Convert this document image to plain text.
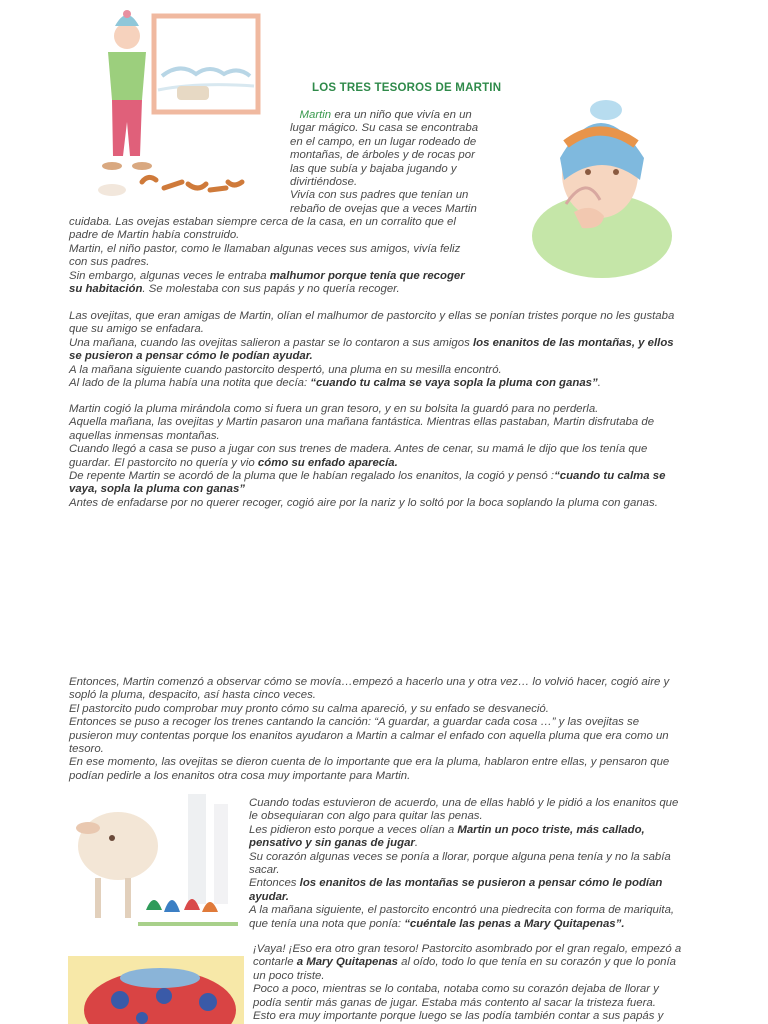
LOS TRES TESOROS DE MARTIN
Martin era un niño que vivía en un
lugar mágico. Su casa se encontraba
en el campo, en un lugar rodeado de
montañas, de árboles y de rocas por
las que subía y bajaba jugando y
divirtiéndose.
Vivía con sus padres que tenían un
rebaño de ovejas que a veces Martin
cuidaba. Las ovejas estaban siempre cerca de la casa, en un corralito que el
padre de Martin había construido.
Martin, el niño pastor, como le llamaban algunas veces sus amigos, vivía feliz
con sus padres.
Sin embargo, algunas veces le entraba malhumor porque tenía que recoger
su habitación. Se molestaba con sus papás y no quería recoger.
Las ovejitas, que eran amigas de Martin, olían el malhumor de pastorcito y ellas se ponían tristes porque no les gustaba
que su amigo se enfadara.
Una mañana, cuando las ovejitas salieron a pastar se lo contaron a sus amigos los enanitos de las montañas, y ellos
se pusieron a pensar cómo le podían ayudar.
A la mañana siguiente cuando pastorcito despertó, una pluma en su mesilla encontró.
Al lado de la pluma había una notita que decía: “cuando tu calma se vaya sopla la pluma con ganas”.
Martin cogió la pluma mirándola como si fuera un gran tesoro, y en su bolsita la guardó para no perderla.
Aquella mañana, las ovejitas y Martin pasaron una mañana fantástica. Mientras ellas pastaban, Martin disfrutaba de
aquellas inmensas montañas.
Cuando llegó a casa se puso a jugar con sus trenes de madera. Antes de cenar, su mamá le dijo que los tenía que
guardar. El pastorcito no quería y vio cómo su enfado aparecía.
De repente Martin se acordó de la pluma que le habían regalado los enanitos, la cogió y pensó :“cuando tu calma se
vaya, sopla la pluma con ganas”
Antes de enfadarse por no querer recoger, cogió aire por la nariz y lo soltó por la boca soplando la pluma con ganas.
Entonces, Martin comenzó a observar cómo se movía…empezó a hacerlo una y otra vez… lo volvió hacer, cogió aire y
sopló la pluma, despacito, así hasta cinco veces.
El pastorcito pudo comprobar muy pronto cómo su calma apareció, y su enfado se desvaneció.
Entonces se puso a recoger los trenes cantando la canción: “A guardar, a guardar cada cosa …” y las ovejitas se
pusieron muy contentas porque los enanitos ayudaron a Martin a calmar el enfado con aquella pluma que era como un
tesoro.
En ese momento, las ovejitas se dieron cuenta de lo importante que era la pluma, hablaron entre ellas, y pensaron que
podían pedirle a los enanitos otra cosa muy importante para Martin.
Cuando todas estuvieron de acuerdo, una de ellas habló y le pidió a los enanitos que
le obsequiaran con algo para quitar las penas.
Les pidieron esto porque a veces olían a Martin un poco triste, más callado,
pensativo y sin ganas de jugar.
Su corazón algunas veces se ponía a llorar, porque alguna pena tenía y no la sabía
sacar.
Entonces los enanitos de las montañas se pusieron a pensar cómo le podían
ayudar.
A la mañana siguiente, el pastorcito encontró una piedrecita con forma de mariquita,
que tenía una nota que ponía: “cuéntale las penas a Mary Quitapenas”.
¡Vaya! ¡Eso era otro gran tesoro! Pastorcito asombrado por el gran regalo, empezó a
contarle a Mary Quitapenas al oído, todo lo que tenía en su corazón y que lo ponía
un poco triste.
Poco a poco, mientras se lo contaba, notaba como su corazón dejaba de llorar y
podía sentir más ganas de jugar. Estaba más contento al sacar la tristeza fuera.
Esto era muy importante porque luego se las podía también contar a sus papás y
